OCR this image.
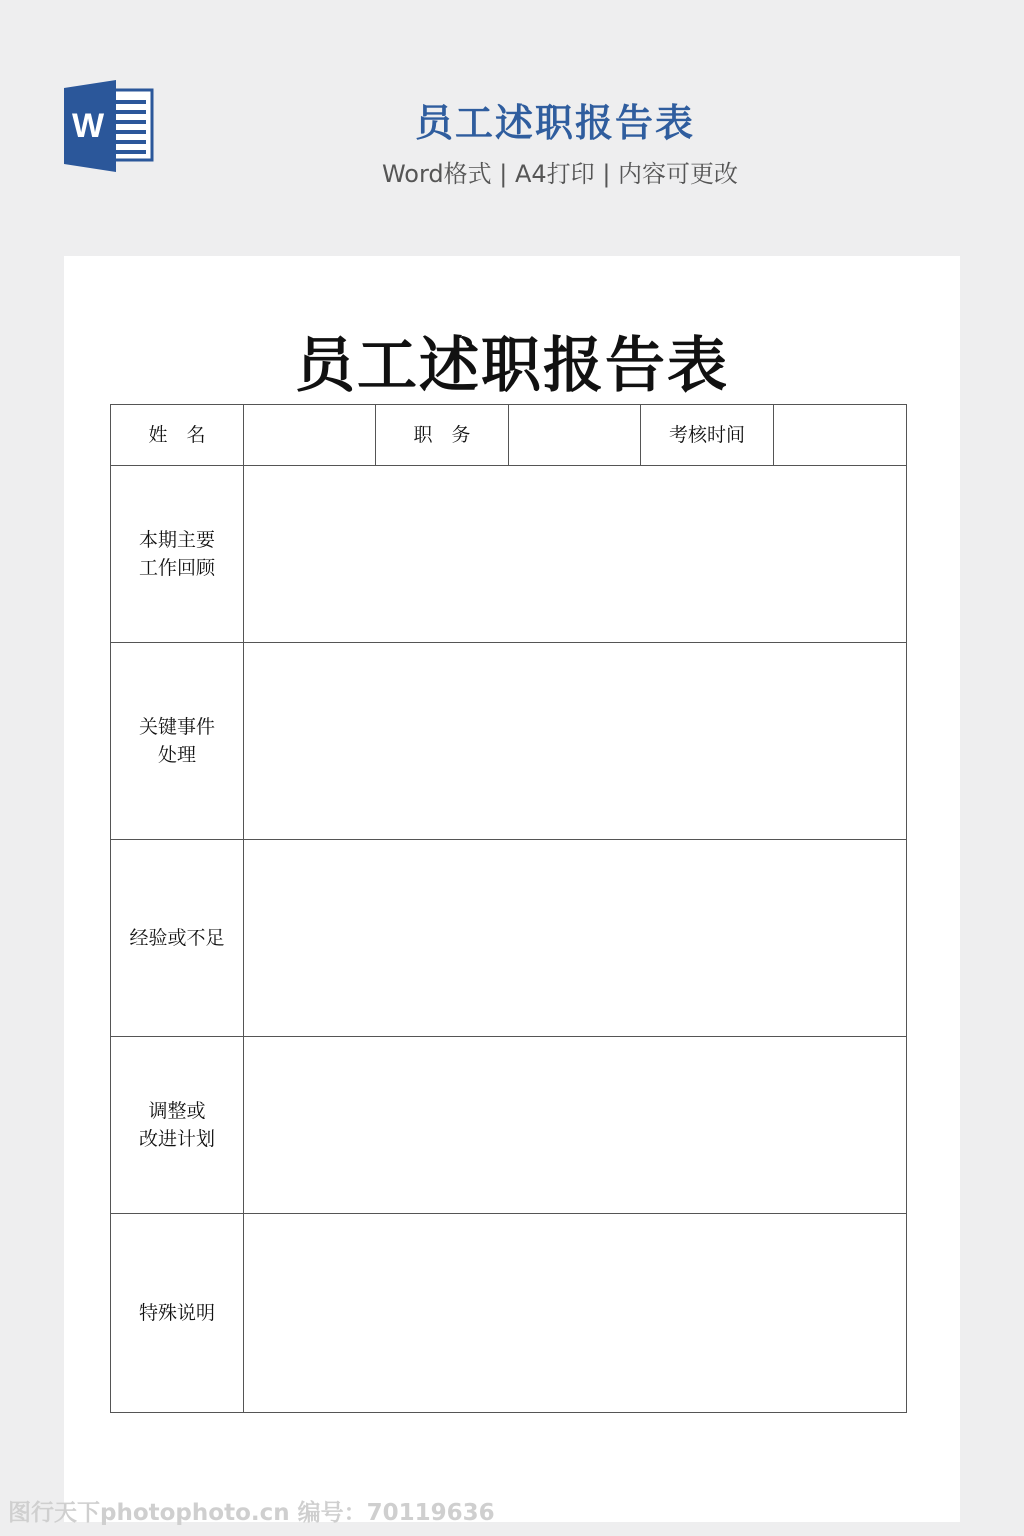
W	员工述职报告表
Word格式 | A4打印 | 内容可更改
员工述职报告表
姓　名		职　务		考核时间	
本期主要
工作回顾					
关键事件
处理					
经验或不足					
调整或
改进计划					
特殊说明					
图行天下photophoto.cn 编号：70119636
